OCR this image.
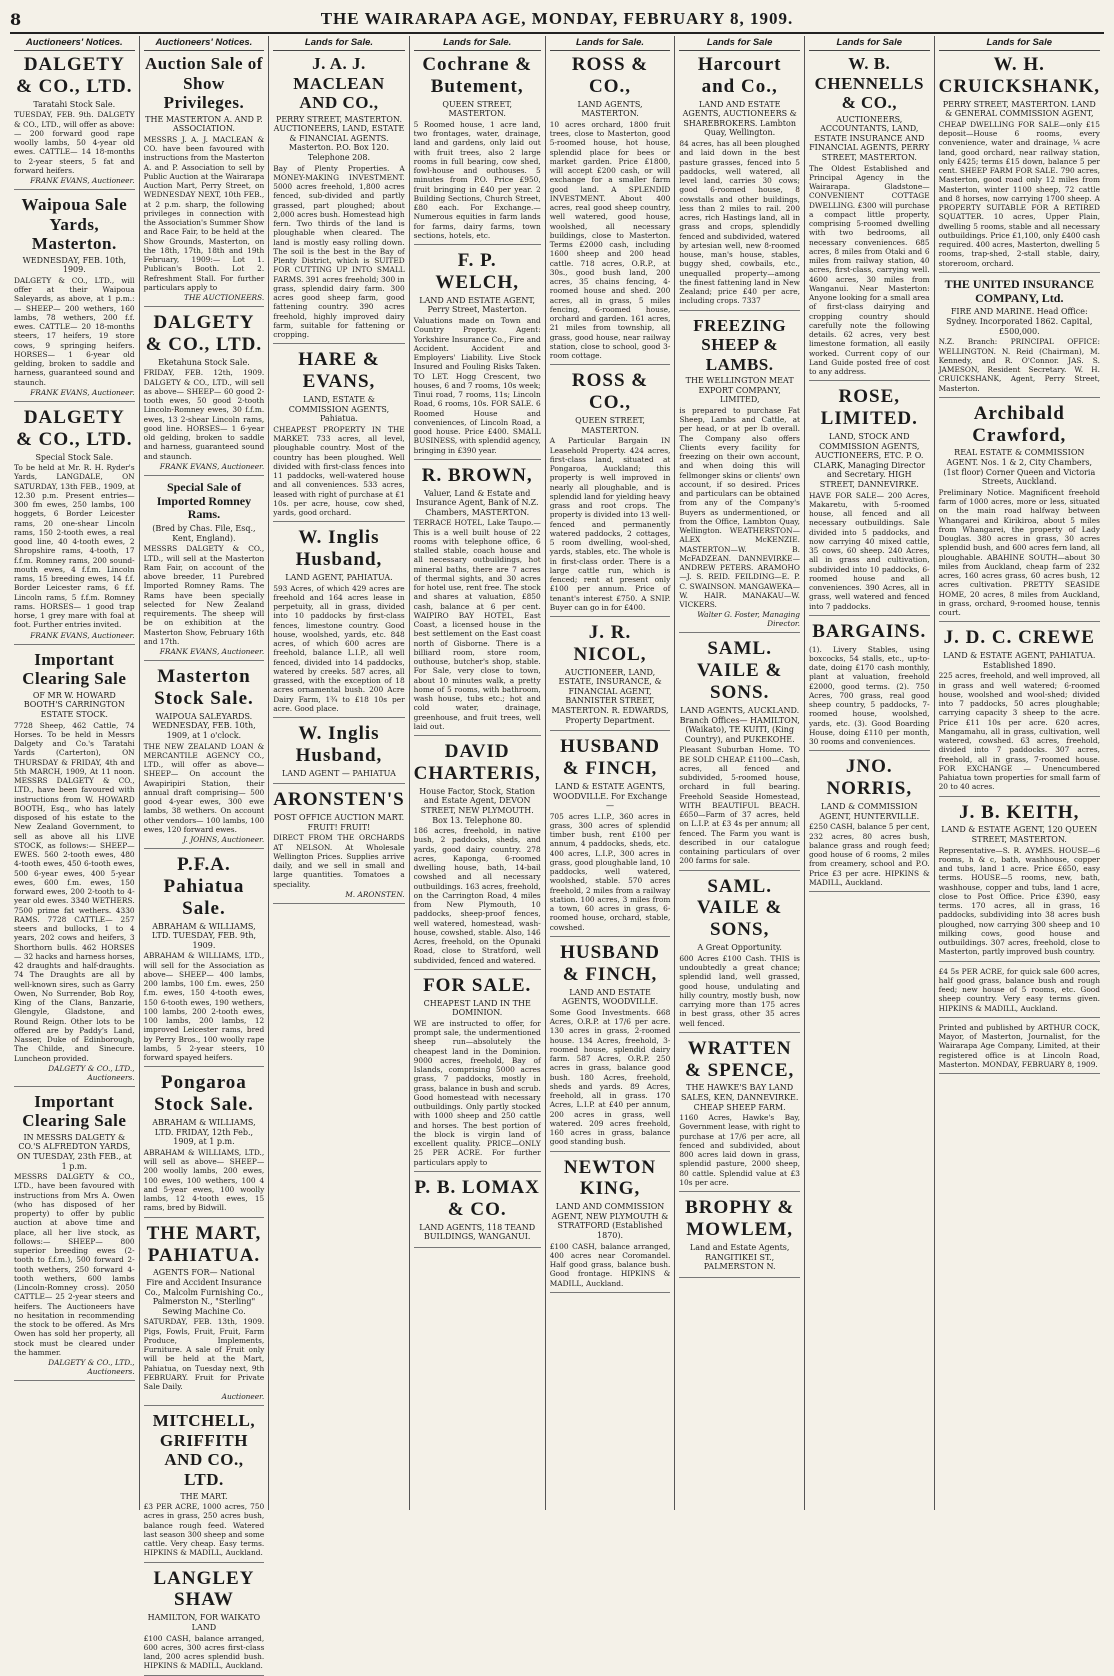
8	THE WAIRARAPA AGE, MONDAY, FEBRUARY 8, 1909.
Auctioneers' Notices.
DALGETY & CO., LTD.
Taratahi Stock Sale.

TUESDAY, FEB. 9th. DALGETY & CO., LTD., will offer as above:— 200 forward good rape woolly lambs, 50 4-year old ewes. CATTLE— 14 18-months to 2-year steers, 5 fat and forward heifers.

FRANK EVANS, Auctioneer.
Waipoua Sale Yards, Masterton.
WEDNESDAY, FEB. 10th, 1909.

DALGETY & CO., LTD., will offer at their Waipoua Saleyards, as above, at 1 p.m.:— SHEEP— 200 wethers, 160 lambs, 78 wethers, 200 f.f. ewes. CATTLE— 20 18-months steers, 17 heifers, 19 store cows, 9 springing heifers. HORSES— 1 6-year old gelding, broken to saddle and harness, guaranteed sound and staunch.

FRANK EVANS, Auctioneer.
DALGETY & CO., LTD.
Special Stock Sale.

To be held at Mr. R. H. Ryder's Yards, LANGDALE, ON SATURDAY, 13th FEB., 1909, at 12.30 p.m. Present entries— 300 fm ewes, 250 lambs, 100 hoggets, 6 Border Leicester rams, 20 one-shear Lincoln rams, 150 2-tooth ewes, a real good line, 40 4-tooth ewes, 2 Shropshire rams, 4-tooth, 17 f.f.m. Romney rams, 200 sound-mouth ewes, 4 f.f.m. Lincoln rams, 15 breeding ewes, 14 f.f. Border Leicester rams, 6 f.f. Lincoln rams, 5 f.f.m. Romney rams. HORSES— 1 good trap horse, 1 grey mare with foal at foot. Further entries invited.

FRANK EVANS, Auctioneer.
Important Clearing Sale
OF MR W. HOWARD BOOTH'S CARRINGTON ESTATE STOCK.

7728 Sheep, 462 Cattle, 74 Horses. To be held in Messrs Dalgety and Co.'s Taratahi Yards (Carterton), ON THURSDAY & FRIDAY, 4th and 5th MARCH, 1909, At 11 noon. MESSRS DALGETY & CO., LTD., have been favoured with instructions from W. HOWARD BOOTH, Esq., who has lately disposed of his estate to the New Zealand Government, to sell as above all his LIVE STOCK, as follows:— SHEEP— EWES. 560 2-tooth ewes, 480 4-tooth ewes, 450 6-tooth ewes, 500 6-year ewes, 400 5-year ewes, 600 f.m. ewes, 150 forward ewes, 200 2-tooth to 4-year old ewes. 3340 WETHERS. 7500 prime fat wethers. 4330 RAMS. 7728 CATTLE— 257 steers and bullocks, 1 to 4 years, 202 cows and heifers, 3 Shorthorn bulls. 462 HORSES— 32 hacks and harness horses, 42 draughts and half-draughts. 74 The Draughts are all by well-known sires, such as Garry Owen, No Surrender, Bob Roy, King of the Clans, Banzarie, Glengyle, Gladstone, and Round Reign. Other lots to be offered are by Paddy's Land, Nasser, Duke of Edinborough, The Childe, and Sinecure. Luncheon provided.

DALGETY & CO., LTD., Auctioneers.
Important Clearing Sale
IN MESSRS DALGETY & CO.'S ALFREDTON YARDS, ON TUESDAY, 23th FEB., at 1 p.m.

MESSRS DALGETY & CO., LTD., have been favoured with instructions from Mrs A. Owen (who has disposed of her property) to offer by public auction at above time and place, all her live stock, as follows:— SHEEP— 800 superior breeding ewes (2-tooth to f.f.m.), 500 forward 2-tooth wethers, 250 forward 4-tooth wethers, 600 lambs (Lincoln-Romney cross). 2050 CATTLE— 25 2-year steers and heifers. The Auctioneers have no hesitation in recommending the stock to be offered. As Mrs Owen has sold her property, all stock must be cleared under the hammer.

DALGETY & CO., LTD., Auctioneers.
Auctioneers' Notices.
Auction Sale of Show Privileges.
THE MASTERTON A. AND P. ASSOCIATION.

MESSRS J. A. J. MACLEAN & CO. have been favoured with instructions from the Masterton A. and P. Association to sell by Public Auction at the Wairarapa Auction Mart, Perry Street, on WEDNESDAY NEXT, 10th FEB., at 2 p.m. sharp, the following privileges in connection with the Association's Summer Show and Race Fair, to be held at the Show Grounds, Masterton, on the 18th, 17th, 18th and 19th February, 1909:— Lot 1. Publican's Booth. Lot 2. Refreshment Stall. For further particulars apply to

THE AUCTIONEERS.
DALGETY & CO., LTD.
Eketahuna Stock Sale.

FRIDAY, FEB. 12th, 1909. DALGETY & CO., LTD., will sell as above— SHEEP— 60 good 2-tooth ewes, 50 good 2-tooth Lincoln-Romney ewes, 30 f.f.m. ewes, 13 2-shear Lincoln rams, good line. HORSES— 1 6-year old gelding, broken to saddle and harness, guaranteed sound and staunch.

FRANK EVANS, Auctioneer.
Special Sale of Imported Romney Rams.
(Bred by Chas. File, Esq., Kent, England).

MESSRS DALGETY & CO., LTD., will sell at the Masterton Ram Fair, on account of the above breeder, 11 Purebred Imported Romney Rams. The Rams have been specially selected for New Zealand requirements. The sheep will be on exhibition at the Masterton Show, February 16th and 17th.

FRANK EVANS, Auctioneer.
Masterton Stock Sale.
WAIPOUA SALEYARDS. WEDNESDAY, FEB. 10th, 1909, at 1 o'clock.

THE NEW ZEALAND LOAN & MERCANTILE AGENCY CO., LTD., will offer as above— SHEEP— On account the Awapiripiri Station, their annual draft comprising— 500 good 4-year ewes, 300 ewe lambs, 38 wethers. On account other vendors— 100 lambs, 100 ewes, 120 forward ewes.

J. JOHNS, Auctioneer.
P.F.A. Pahiatua Sale.
ABRAHAM & WILLIAMS, LTD. TUESDAY, FEB. 9th, 1909.

ABRAHAM & WILLIAMS, LTD., will sell for the Association as above— SHEEP— 400 lambs, 200 lambs, 100 f.m. ewes, 250 f.m. ewes, 150 4-tooth ewes, 150 6-tooth ewes, 190 wethers, 100 lambs, 200 2-tooth ewes, 100 lambs, 200 lambs, 12 improved Leicester rams, bred by Perry Bros., 100 woolly rape lambs, 5 2-year steers, 10 forward spayed heifers.

Pongaroa Stock Sale.
ABRAHAM & WILLIAMS, LTD. FRIDAY, 12th Feb., 1909, at 1 p.m.

ABRAHAM & WILLIAMS, LTD., will sell as above— SHEEP— 200 woolly lambs, 200 ewes, 100 ewes, 100 wethers, 100 4 and 5-year ewes, 100 woolly lambs, 12 4-tooth ewes, 15 rams, bred by Bidwill.

THE MART, PAHIATUA.
AGENTS FOR— National Fire and Accident Insurance Co., Malcolm Furnishing Co., Palmerston N., "Sterling" Sewing Machine Co.

SATURDAY, FEB. 13th, 1909. Pigs, Fowls, Fruit, Fruit, Farm Produce, Implements, Furniture. A sale of Fruit only will be held at the Mart, Pahiatua, on Tuesday next, 9th FEBRUARY. Fruit for Private Sale Daily.

Auctioneer.
MITCHELL, GRIFFITH AND CO., LTD.
THE MART.

£3 PER ACRE, 1000 acres, 750 acres in grass, 250 acres bush, balance rough feed. Watered last season 300 sheep and some cattle. Very cheap. Easy terms. HIPKINS & MADILL, Auckland.

LANGLEY SHAW
HAMILTON, FOR WAIKATO LAND

£100 CASH, balance arranged, 600 acres, 300 acres first-class land, 200 acres splendid bush. HIPKINS & MADILL, Auckland.

Lands for Sale.
J. A. J. MACLEAN AND CO.,
PERRY STREET, MASTERTON. AUCTIONEERS, LAND, ESTATE & FINANCIAL AGENTS. Masterton. P.O. Box 120. Telephone 208.

Bay of Plenty Properties. A MONEY-MAKING INVESTMENT. 5000 acres freehold, 1,800 acres fenced, sub-divided and partly grassed, part ploughed; about 2,000 acres bush. Homestead high fern. Two thirds of the land is ploughable when cleared. The land is mostly easy rolling down. The soil is the best in the Bay of Plenty District, which is SUITED FOR CUTTING UP INTO SMALL FARMS. 391 acres freehold; 300 in grass, splendid dairy farm. 300 acres good sheep farm, good fattening country. 390 acres freehold, highly improved dairy farm, suitable for fattening or cropping.

HARE & EVANS,
LAND, ESTATE & COMMISSION AGENTS, Pahiatua.

CHEAPEST PROPERTY IN THE MARKET. 733 acres, all level, ploughable country. Most of the country has been ploughed. Well divided with first-class fences into 11 paddocks, well-watered house and all conveniences. 533 acres, leased with right of purchase at £1 10s. per acre, house, cow shed, yards, good orchard.

W. Inglis Husband,
LAND AGENT, PAHIATUA.

593 Acres, of which 429 acres are freehold and 164 acres lease in perpetuity, all in grass, divided into 10 paddocks by first-class fences, limestone country. Good house, woolshed, yards, etc. 848 acres, of which 600 acres are freehold, balance L.I.P., all well fenced, divided into 14 paddocks, watered by creeks. 587 acres, all grassed, with the exception of 18 acres ornamental bush. 200 Acre Dairy Farm, 1¾ to £18 10s per acre. Good place.

W. Inglis Husband,
LAND AGENT — PAHIATUA
ARONSTEN'S
POST OFFICE AUCTION MART. FRUIT! FRUIT!

DIRECT FROM THE ORCHARDS AT NELSON. At Wholesale Wellington Prices. Supplies arrive daily, and we sell in small and large quantities. Tomatoes a speciality.

M. ARONSTEN.
Lands for Sale.
Cochrane & Butement,
QUEEN STREET, MASTERTON.

5 Roomed house, 1 acre land, two frontages, water, drainage, land and gardens, only laid out with fruit trees, also 2 large rooms in full bearing, cow shed, fowl-house and outhouses. 5 minutes from P.O. Price £950, fruit bringing in £40 per year. 2 Building Sections, Church Street, £80 each. For Exchange.—Numerous equities in farm lands for farms, dairy farms, town sections, hotels, etc.

F. P. WELCH,
LAND AND ESTATE AGENT, Perry Street, Masterton.

Valuations made on Town and Country Property. Agent: Yorkshire Insurance Co., Fire and Accident. Accident and Employers' Liability. Live Stock Insured and Fouling Risks Taken. TO LET. Hogg Crescent, two houses, 6 and 7 rooms, 10s week; Tinui road, 7 rooms, 11s; Lincoln Road, 6 rooms, 10s. FOR SALE. 6 Roomed House and conveniences, of Lincoln Road, a good house. Price £400. SMALL BUSINESS, with splendid agency, bringing in £390 year.

R. BROWN,
Valuer, Land & Estate and Insurance Agent, Bank of N.Z. Chambers, MASTERTON.

TERRACE HOTEL, Lake Taupo.—This is a well built house of 22 rooms with telephone office, 6 stalled stable, coach house and all necessary outbuildings, hot mineral baths, there are 7 acres of thermal sights, and 30 acres for hotel use, rent free. The stock and shares at valuation, £850 cash, balance at 6 per cent. WAIPIRO BAY HOTEL, East Coast, a licensed house in the best settlement on the East coast north of Gisborne. There is a billiard room, store room, outhouse, butcher's shop, stable. For Sale, very close to town, about 10 minutes walk, a pretty home of 5 rooms, with bathroom, wash house, tubs etc.; hot and cold water, drainage, greenhouse, and fruit trees, well laid out.

DAVID CHARTERIS,
House Factor, Stock, Station and Estate Agent, DEVON STREET, NEW PLYMOUTH. Box 13. Telephone 80.

186 acres, freehold, in native bush, 2 paddocks, sheds, and yards, good dairy country. 278 acres, Kaponga, 6-roomed dwelling house, bath, 14-bail cowshed and all necessary outbuildings. 163 acres, freehold, on the Carrington Road, 4 miles from New Plymouth, 10 paddocks, sheep-proof fences, well watered, homestead, wash-house, cowshed, stable. Also, 146 Acres, freehold, on the Opunaki Road, close to Stratford, well subdivided, fenced and watered.

FOR SALE.
CHEAPEST LAND IN THE DOMINION.

WE are instructed to offer, for prompt sale, the undermentioned sheep run—absolutely the cheapest land in the Dominion. 9000 acres, freehold, Bay of Islands, comprising 5000 acres grass, 7 paddocks, mostly in grass, balance in bush and scrub. Good homestead with necessary outbuildings. Only partly stocked with 1000 sheep and 250 cattle and horses. The best portion of the block is virgin land of excellent quality. PRICE—ONLY 25 PER ACRE. For further particulars apply to

P. B. LOMAX & CO.
LAND AGENTS, 118 TEAND BUILDINGS, WANGANUI.
Lands for Sale.
ROSS & CO.,
LAND AGENTS, MASTERTON.

10 acres orchard, 1800 fruit trees, close to Masterton, good 5-roomed house, hot house, splendid place for bees or market garden. Price £1800, will accept £200 cash, or will exchange for a smaller farm good land. A SPLENDID INVESTMENT. About 400 acres, real good sheep country, well watered, good house, woolshed, all necessary buildings, close to Masterton. Terms £2000 cash, including 1600 sheep and 200 head cattle. 718 acres, O.R.P., at 30s., good bush land, 200 acres, 35 chains fencing, 4-roomed house and shed. 200 acres, all in grass, 5 miles fencing, 6-roomed house, orchard and garden. 161 acres, 21 miles from township, all grass, good house, near railway station, close to school, good 3-room cottage.

ROSS & CO.,
QUEEN STREET, MASTERTON.

A Particular Bargain IN Leasehold Property. 424 acres, first-class land, situated at Pongaroa, Auckland; this property is well improved in nearly all ploughable, and is splendid land for yielding heavy grass and root crops. The property is divided into 13 well-fenced and permanently watered paddocks, 2 cottages, 5 room dwelling, wool-shed, yards, stables, etc. The whole is in first-class order. There is a large cattle run, which is fenced; rent at present only £100 per annum. Price of tenant's interest £750. A SNIP. Buyer can go in for £400.

J. R. NICOL,
AUCTIONEER, LAND, ESTATE, INSURANCE, & FINANCIAL AGENT, BANNISTER STREET, MASTERTON. R. EDWARDS, Property Department.
HUSBAND & FINCH,
LAND & ESTATE AGENTS, WOODVILLE. For Exchange—

705 acres L.I.P., 360 acres in grass, 300 acres of splendid timber bush, rent £100 per annum, 4 paddocks, sheds, etc. 400 acres, L.I.P., 300 acres in grass, good ploughable land, 10 paddocks, well watered, woolshed, stable. 570 acres freehold, 2 miles from a railway station. 100 acres, 3 miles from a town, 60 acres in grass, 6-roomed house, orchard, stable, cowshed.

HUSBAND & FINCH,
LAND AND ESTATE AGENTS, WOODVILLE.

Some Good Investments. 668 Acres, O.R.P. at 17/6 per acre. 130 acres in grass, 2-roomed house. 134 Acres, freehold, 3-roomed house, splendid dairy farm. 587 Acres, O.R.P. 250 acres in grass, balance good bush. 180 Acres, freehold, sheds and yards. 89 Acres, freehold, all in grass. 170 Acres, L.I.P. at £40 per annum, 200 acres in grass, well watered. 209 acres freehold, 160 acres in grass, balance good standing bush.

NEWTON KING,
LAND AND COMMISSION AGENT, NEW PLYMOUTH & STRATFORD (Established 1870).

£100 CASH, balance arranged, 400 acres near Coromandel. Half good grass, balance bush. Good frontage. HIPKINS & MADILL, Auckland.

Lands for Sale
Harcourt and Co.,
LAND AND ESTATE AGENTS, AUCTIONEERS & SHAREBROKERS. Lambton Quay, Wellington.

84 acres, has all been ploughed and laid down in the best pasture grasses, fenced into 5 paddocks, well watered, all level land, carries 30 cows; good 6-roomed house, 8 cowstalls and other buildings, less than 2 miles to rail. 200 acres, rich Hastings land, all in grass and crops, splendidly fenced and subdivided, watered by artesian well, new 8-roomed house, man's house, stables, buggy shed, cowbails, etc., unequalled property—among the finest fattening land in New Zealand; price £40 per acre, including crops. 7337

FREEZING SHEEP & LAMBS.
THE WELLINGTON MEAT EXPORT COMPANY, LIMITED,

is prepared to purchase Fat Sheep, Lambs and Cattle, at per head, or at per lb overall. The Company also offers Clients every facility for freezing on their own account, and when doing this will fellmonger skins or clients' own account, if so desired. Prices and particulars can be obtained from any of the Company's Buyers as undermentioned, or from the Office, Lambton Quay, Wellington. WEATHERSTON—ALEX McKENZIE. MASTERTON—W. B. McFADZEAN. DANNEVIRKE—ANDREW PETERS. ARAMOHO—J. S. REID. FEILDING—E. P. C. SWAINSON. MANGAWEKA—W. HAIR. MANAKAU—W. VICKERS.

Walter G. Foster, Managing Director.
SAML. VAILE & SONS.
LAND AGENTS, AUCKLAND. Branch Offices— HAMILTON, (Waikato), TE KUITI, (King Country), and PUKEKOHE.

Pleasant Suburban Home. TO BE SOLD CHEAP. £1100—Cash, acres, all fenced and subdivided, 5-roomed house, orchard in full bearing. Freehold Seaside Homestead, WITH BEAUTIFUL BEACH. £650—Farm of 37 acres, held on L.I.P. at £3 4s per annum; all fenced. The Farm you want is described in our catalogue containing particulars of over 200 farms for sale.

SAML. VAILE & SONS,
A Great Opportunity.

600 Acres £100 Cash. THIS is undoubtedly a great chance; splendid land, well grassed, good house, undulating and hilly country, mostly bush, now carrying more than 175 acres in best grass, other 35 acres well fenced.

WRATTEN & SPENCE,
THE HAWKE'S BAY LAND SALES, KEN, DANNEVIRKE. CHEAP SHEEP FARM.

1160 Acres, Hawke's Bay, Government lease, with right to purchase at 17/6 per acre, all fenced and subdivided, about 800 acres laid down in grass, splendid pasture, 2000 sheep, 80 cattle. Splendid value at £3 10s per acre.

BROPHY & MOWLEM,
Land and Estate Agents, RANGITIKEI ST., PALMERSTON N.
Lands for Sale
W. B. CHENNELLS & CO.,
AUCTIONEERS, ACCOUNTANTS, LAND, ESTATE INSURANCE AND FINANCIAL AGENTS, PERRY STREET, MASTERTON.

The Oldest Established and Principal Agency in the Wairarapa. Gladstone— CONVENIENT COTTAGE DWELLING. £300 will purchase a compact little property, comprising 5-roomed dwelling with two bedrooms, all necessary conveniences. 685 acres, 8 miles from Otaki and 6 miles from railway station, 40 acres, first-class, carrying well. 4600 acres, 30 miles from Wanganui. Near Masterton: Anyone looking for a small area of first-class dairying and cropping country should carefully note the following details. 62 acres, very best limestone formation, all easily worked. Current copy of our Land Guide posted free of cost to any address.

ROSE, LIMITED.
LAND, STOCK AND COMMISSION AGENTS, AUCTIONEERS, ETC. P. O. CLARK, Managing Director and Secretary. HIGH STREET, DANNEVIRKE.

HAVE FOR SALE— 200 Acres, Makaretu, with 5-roomed house, all fenced and all necessary outbuildings. Sale divided into 5 paddocks, and now carrying 40 mixed cattle, 35 cows, 60 sheep. 240 Acres, all in grass and cultivation, subdivided into 10 paddocks, 6-roomed house and all conveniences. 390 Acres, all in grass, well watered and fenced into 7 paddocks.

BARGAINS.

(1). Livery Stables, using boxcocks, 54 stalls, etc., up-to-date, doing £170 cash monthly, plant at valuation, freehold £2000, good terms. (2). 750 Acres, 700 grass, real good sheep country, 5 paddocks, 7-roomed house, woolshed, yards, etc. (3). Good Boarding House, doing £110 per month, 30 rooms and conveniences.

JNO. NORRIS,
LAND & COMMISSION AGENT, HUNTERVILLE.

£250 CASH, balance 5 per cent, 232 acres, 80 acres bush, balance grass and rough feed; good house of 6 rooms, 2 miles from creamery, school and P.O. Price £3 per acre. HIPKINS & MADILL, Auckland.

Lands for Sale
W. H. CRUICKSHANK,
PERRY STREET, MASTERTON. LAND & GENERAL COMMISSION AGENT,

CHEAP DWELLING FOR SALE—only £15 deposit—House 6 rooms, every convenience, water and drainage, ¼ acre land, good orchard, near railway station, only £425; terms £15 down, balance 5 per cent. SHEEP FARM FOR SALE. 790 acres, Masterton, good road only 12 miles from Masterton, winter 1100 sheep, 72 cattle and 8 horses, now carrying 1700 sheep. A PROPERTY SUITABLE FOR A RETIRED SQUATTER. 10 acres, Upper Plain, dwelling 5 rooms, stable and all necessary outbuildings. Price £1,100, only £400 cash required. 400 acres, Masterton, dwelling 5 rooms, trap-shed, 2-stall stable, dairy, storeroom, orchard.

THE UNITED INSURANCE COMPANY, Ltd.
FIRE AND MARINE. Head Office: Sydney. Incorporated 1862. Capital, £500,000.

N.Z. Branch: PRINCIPAL OFFICE: WELLINGTON. N. Reid (Chairman), M. Kennedy, and R. O'Connor. JAS. S. JAMESON, Resident Secretary. W. H. CRUICKSHANK, Agent, Perry Street, Masterton.

Archibald Crawford,
REAL ESTATE & COMMISSION AGENT. Nos. 1 & 2, City Chambers, (1st floor) Corner Queen and Victoria Streets, Auckland.

Preliminary Notice. Magnificent freehold farm of 1000 acres, more or less, situated on the main road halfway between Whangarei and Kirikiroa, about 5 miles from Whangarei, the property of Lady Douglas. 380 acres in grass, 30 acres splendid bush, and 600 acres fern land, all ploughable. ABAHINE SOUTH—about 30 miles from Auckland, cheap farm of 232 acres, 160 acres grass, 60 acres bush, 12 acres cultivation. PRETTY SEASIDE HOME, 20 acres, 8 miles from Auckland, in grass, orchard, 9-roomed house, tennis court.

J. D. C. CREWE
LAND & ESTATE AGENT, PAHIATUA. Established 1890.

225 acres, freehold, and well improved, all in grass and well watered; 6-roomed house, woolshed and wool-shed; divided into 7 paddocks, 50 acres ploughable; carrying capacity 3 sheep to the acre. Price £11 10s per acre. 620 acres, Mangamahu, all in grass, cultivation, well watered, cowshed. 63 acres, freehold, divided into 7 paddocks. 307 acres, freehold, all in grass, 7-roomed house. FOR EXCHANGE — Unencumbered Pahiatua town properties for small farm of 20 to 40 acres.

J. B. KEITH,
LAND & ESTATE AGENT, 120 QUEEN STREET, MASTERTON.

Representative—S. R. AYMES. HOUSE—6 rooms, h & c, bath, washhouse, copper and tubs, land 1 acre. Price £650, easy terms. HOUSE—5 rooms, new, bath, washhouse, copper and tubs, land 1 acre, close to Post Office. Price £390, easy terms. 170 acres, all in grass, 16 paddocks, subdividing into 38 acres bush ploughed, now carrying 300 sheep and 10 milking cows, good house and outbuildings. 307 acres, freehold, close to Masterton, partly improved bush country.

£4 5s PER ACRE, for quick sale 600 acres, half good grass, balance bush and rough feed; new house of 5 rooms, etc. Good sheep country. Very easy terms given. HIPKINS & MADILL, Auckland.

Printed and published by ARTHUR COCK, Mayor, of Masterton, Journalist, for the Wairarapa Age Company, Limited, at their registered office is at Lincoln Road, Masterton. MONDAY, FEBRUARY 8, 1909.
